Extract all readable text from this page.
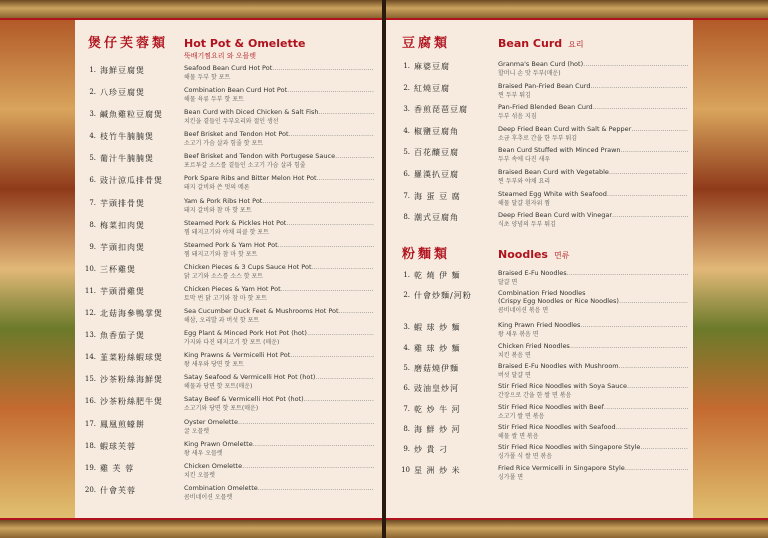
煲仔芙蓉類	Hot Pot & Omelette
뚝배기찜요리 와 오믈렛
1. 海鮮豆腐煲	Seafood Bean Curd Hot Pot
.....
해물 두부 핫 포트
2. 八珍豆腐煲	Combination Bean Curd Hot Pot
.....
해물 육류 두부 핫 포트
3. 鹹魚雞粒豆腐煲	Bean Curd with Diced Chicken & Salt Fish
.....
치킨을 곁들인 두부요리와 절인 생선
4. 枝竹牛腩腩煲	Beef Brisket and Tendon Hot Pot
.....
소고기 가슴 살과 힘줄 핫 포트
5. 葡汁牛腩腩煲	Beef Brisket and Tendon with Portugese Sauce
.....
포르투갈 소스를 곁들인 소고기 가슴 살과 힘줄
6. 豉汁涼瓜排骨煲	Pork Spare Ribs and Bitter Melon Hot Pot
.....
돼지 갈비와 쓴 멋의 메론
7. 芋頭排骨煲	Yam & Pork Ribs Hot Pot
.....
돼지 갈비와 참 마 핫 포트
8. 梅菜扣肉煲	Steamed Pork & Pickles Hot Pot
.....
찜 돼지고기와 야채 피클 핫 포트
9. 芋頭扣肉煲	Steamed Pork & Yam Hot Pot
.....
찜 돼지고기와 참 마 핫 포트
10. 三杯雞煲	Chicken Pieces & 3 Cups Sauce Hot Pot
.....
닭 고기와 소스를 소스 핫 포트
11. 芋頭滑雞煲	Chicken Pieces & Yam Hot Pot
.....
토막 번 닭 고기와 참 마 핫 포트
12. 北菇海參鴨掌煲	Sea Cucumber Duck Feet & Mushrooms Hot Pot
.....
해삼, 오리발 과 버섯 핫 포트
13. 魚香茄子煲	Egg Plant & Minced Pork Hot Pot (hot)
.....
가지와 다진 돼지고기 핫 포트 (매운)
14. 韮菜粉絲蝦球煲	King Prawns & Vermicelli Hot Pot
.....
왕 새우와 당면 핫 포트
15. 沙茶粉絲海鮮煲	Satay Seafood & Vermicelli Hot Pot (hot)
.....
해물과 당면 핫 포트(매운)
16. 沙茶粉絲肥牛煲	Satay Beef & Vermicelli Hot Pot (hot)
.....
소고기와 당면 핫 포트(매운)
17. 鳳凰煎蠔餅	Oyster Omelette
.....
굴 오믈렛
18. 蝦球芙蓉	King Prawn Omelette
.....
왕 새우 오믈렛
19. 雞 芙 蓉	Chicken Omelette
.....
치킨 오믈렛
20. 什會芙蓉	Combination Omelette
.....
콤비네이션 오믈렛
豆腐類	Bean Curd 요리
1. 麻婆豆腐	Granma's Bean Curd (hot)
.....
할머니 손 맛 두부(매운)
2. 紅燒豆腐	Braised Pan-Fried Bean Curd
.....
찐 두부 튀김
3. 香煎琵琶豆腐	Pan-Fried Blended Bean Curd
.....
두부 섞음 지짐
4. 椒鹽豆腐角	Deep Fried Bean Curd with Salt & Pepper
.....
소금 후추로 간을 한 두부 튀김
5. 百花釀豆腐	Bean Curd Stuffed with Minced Prawn
.....
두부 속에 다진 새우
6. 羅漢扒豆腐	Braised Bean Curd with Vegetable
.....
찐 두부와 야채 요리
7. 海 蛋 豆 腐	Steamed Egg White with Seafood
.....
해물 달걀 흰자위 찜
8. 潮式豆腐角	Deep Fried Bean Curd with Vinegar
.....
식초 양념의 두부 튀김
粉麵類	Noodles 면류
1. 乾 燒 伊 麵	Braised E-Fu Noodles
.....
달걀 면
2. 什會炒麵/河粉	Combination Fried Noodles
(Crispy Egg Noodles or Rice Noodles)
.....
콤비네이션 볶음 면
3. 蝦 球 炒 麵	King Prawn Fried Noodles
.....
왕 새우 볶음 면
4. 雞 球 炒 麵	Chicken Fried Noodles
.....
치킨 볶음 면
5. 磨菇燒伊麵	Braised E-Fu Noodles with Mushroom
.....
버섯 달걀 면
6. 豉油皇炒河	Stir Fried Rice Noodles with Soya Sauce
.....
간장으로 간을 한 쌀 면 볶음
7. 乾 炒 牛 河	Stir Fried Rice Noodles with Beef
.....
소고기 쌀 면 볶음
8. 海 鮮 炒 河	Stir Fried Rice Noodles with Seafood
.....
해물 쌀 면 볶음
9. 炒 貴 刁	Stir Fried Rice Noodles with Singapore Style
.....
싱가폴 식 쌀 면 볶음
10 星 洲 炒 米	Fried Rice Vermicelli in Singapore Style
.....
싱가폴 면
